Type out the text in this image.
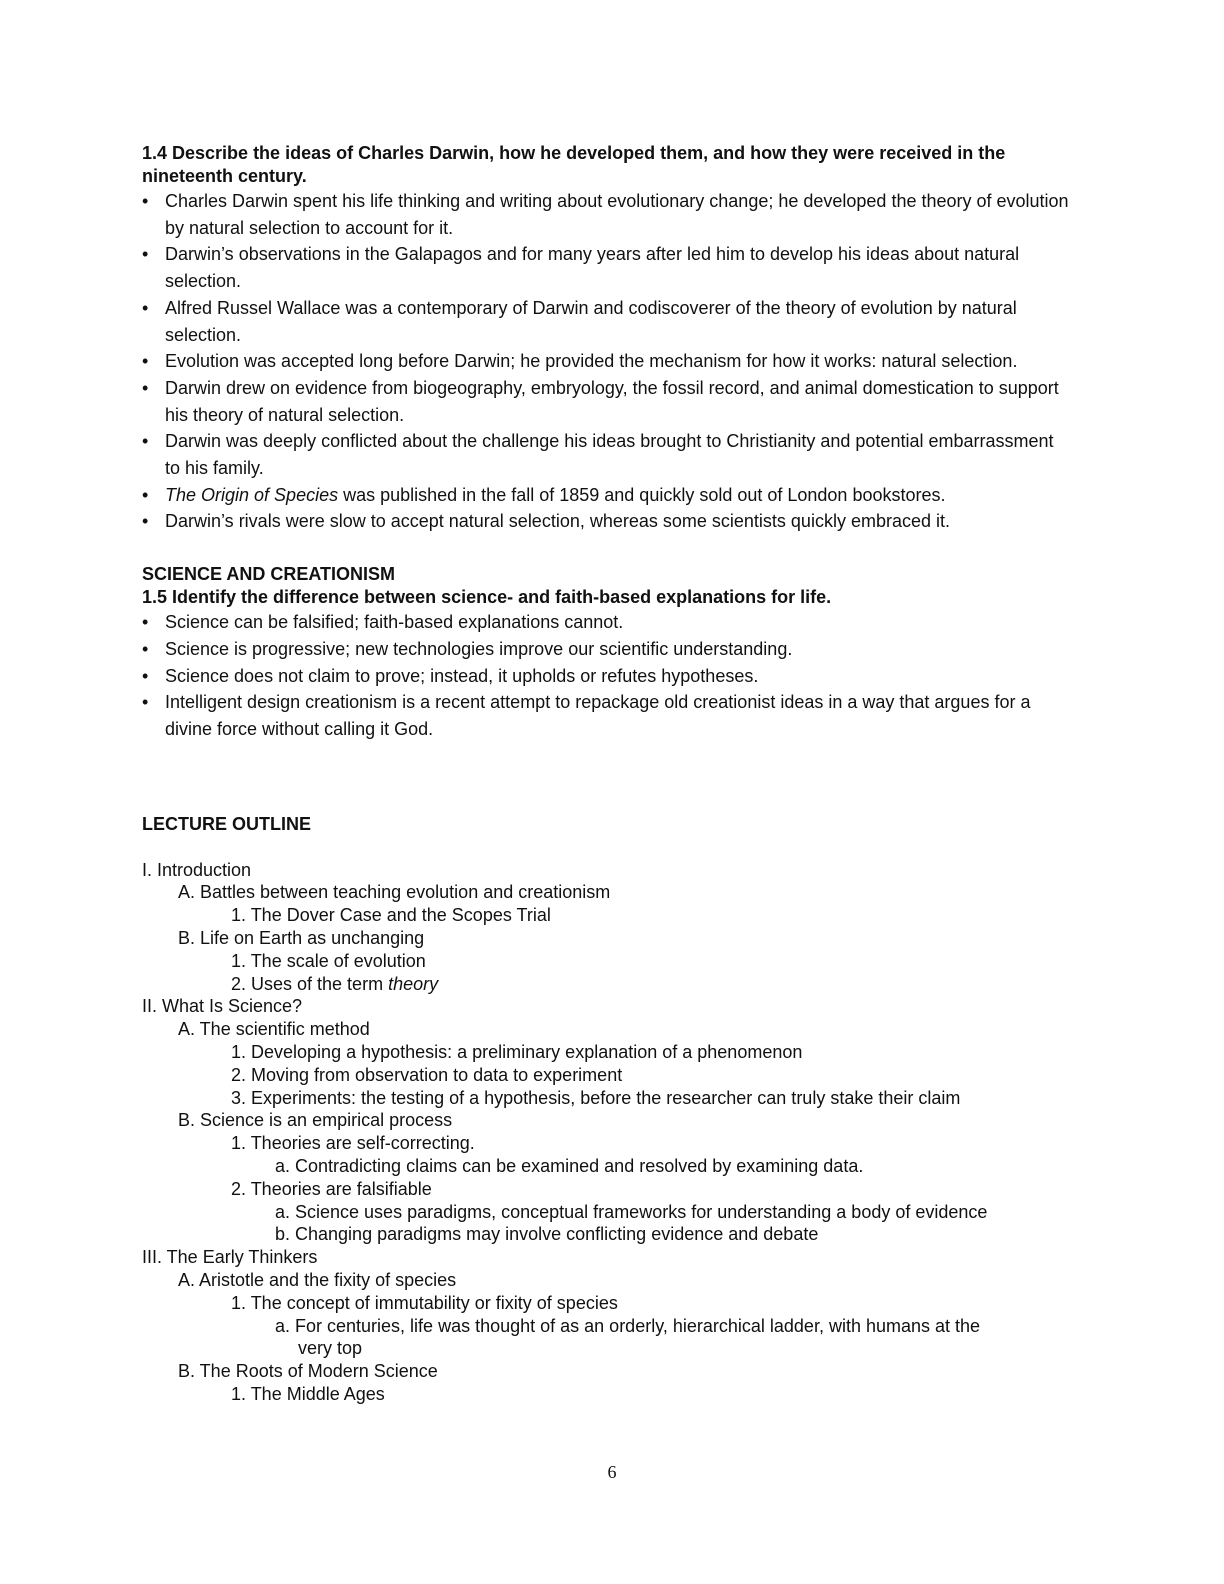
1.4 Describe the ideas of Charles Darwin, how he developed them, and how they were received in the nineteenth century.

• Charles Darwin spent his life thinking and writing about evolutionary change; he developed the theory of evolution by natural selection to account for it.
• Darwin’s observations in the Galapagos and for many years after led him to develop his ideas about natural selection.
• Alfred Russel Wallace was a contemporary of Darwin and codiscoverer of the theory of evolution by natural selection.
• Evolution was accepted long before Darwin; he provided the mechanism for how it works: natural selection.
• Darwin drew on evidence from biogeography, embryology, the fossil record, and animal domestication to support his theory of natural selection.
• Darwin was deeply conflicted about the challenge his ideas brought to Christianity and potential embarrassment to his family.
• The Origin of Species was published in the fall of 1859 and quickly sold out of London bookstores.
• Darwin’s rivals were slow to accept natural selection, whereas some scientists quickly embraced it.

SCIENCE AND CREATIONISM

1.5 Identify the difference between science- and faith-based explanations for life.

• Science can be falsified; faith-based explanations cannot.
• Science is progressive; new technologies improve our scientific understanding.
• Science does not claim to prove; instead, it upholds or refutes hypotheses.
• Intelligent design creationism is a recent attempt to repackage old creationist ideas in a way that argues for a divine force without calling it God.

LECTURE OUTLINE

I. Introduction
A. Battles between teaching evolution and creationism
1. The Dover Case and the Scopes Trial
B. Life on Earth as unchanging
1. The scale of evolution
2. Uses of the term theory
II. What Is Science?
A. The scientific method
1. Developing a hypothesis: a preliminary explanation of a phenomenon
2. Moving from observation to data to experiment
3. Experiments: the testing of a hypothesis, before the researcher can truly stake their claim
B. Science is an empirical process
1. Theories are self-correcting.
a. Contradicting claims can be examined and resolved by examining data.
2. Theories are falsifiable
a. Science uses paradigms, conceptual frameworks for understanding a body of evidence
b. Changing paradigms may involve conflicting evidence and debate
III. The Early Thinkers
A. Aristotle and the fixity of species
1. The concept of immutability or fixity of species
a. For centuries, life was thought of as an orderly, hierarchical ladder, with humans at the
very top
B. The Roots of Modern Science
1. The Middle Ages
6
